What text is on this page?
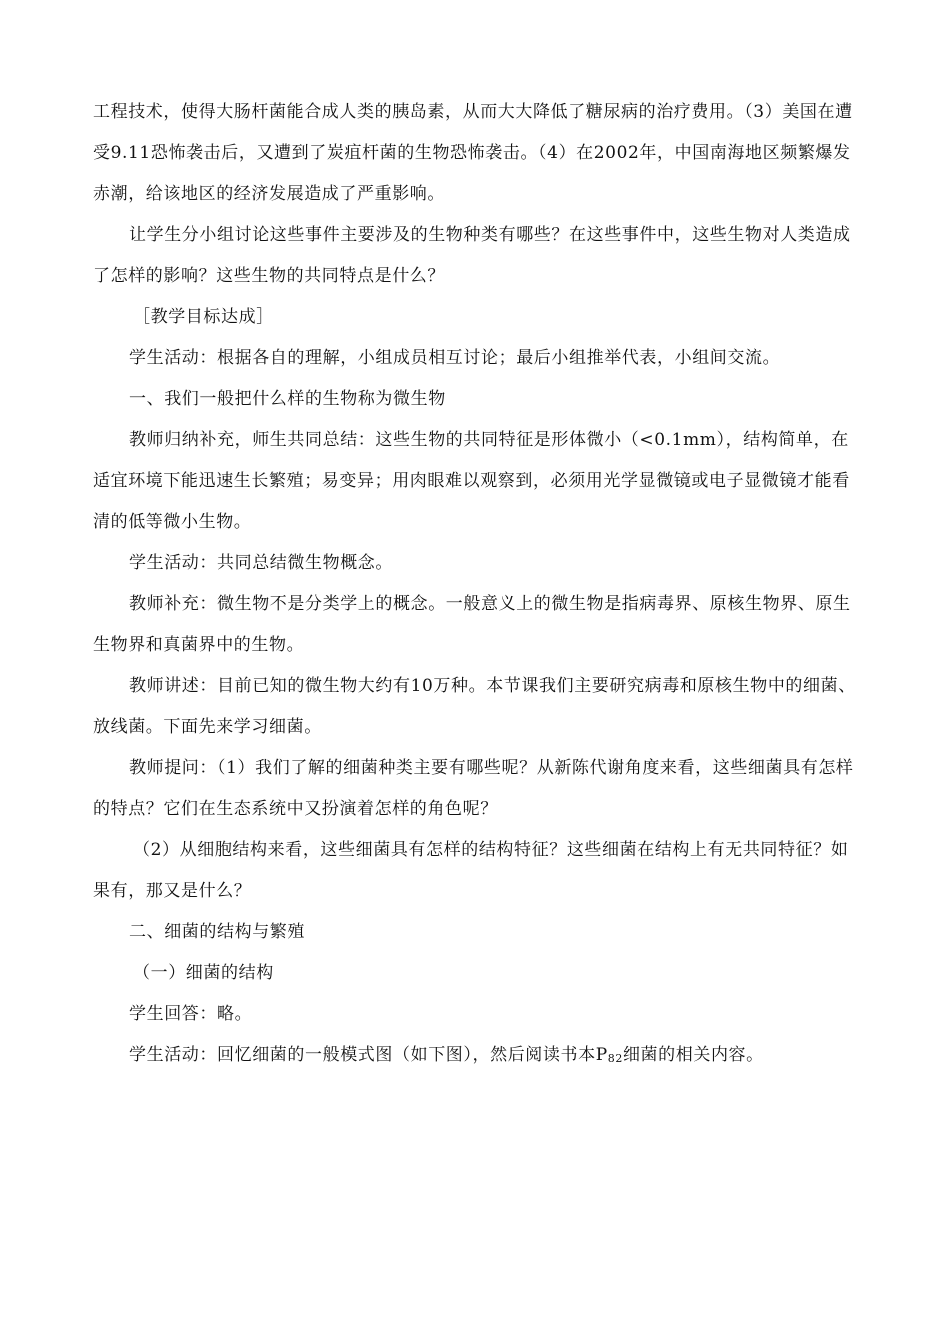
工程技术，使得大肠杆菌能合成人类的胰岛素，从而大大降低了糖尿病的治疗费用。（3）美国在遭受9.11恐怖袭击后，又遭到了炭疽杆菌的生物恐怖袭击。（4）在2002年，中国南海地区频繁爆发赤潮，给该地区的经济发展造成了严重影响。

让学生分小组讨论这些事件主要涉及的生物种类有哪些？在这些事件中，这些生物对人类造成了怎样的影响？这些生物的共同特点是什么？

［教学目标达成］

学生活动：根据各自的理解，小组成员相互讨论；最后小组推举代表，小组间交流。

一、我们一般把什么样的生物称为微生物

教师归纳补充，师生共同总结：这些生物的共同特征是形体微小（<0.1mm），结构简单，在适宜环境下能迅速生长繁殖；易变异；用肉眼难以观察到，必须用光学显微镜或电子显微镜才能看清的低等微小生物。

学生活动：共同总结微生物概念。

教师补充：微生物不是分类学上的概念。一般意义上的微生物是指病毒界、原核生物界、原生生物界和真菌界中的生物。

教师讲述：目前已知的微生物大约有10万种。本节课我们主要研究病毒和原核生物中的细菌、放线菌。下面先来学习细菌。

教师提问：（1）我们了解的细菌种类主要有哪些呢？从新陈代谢角度来看，这些细菌具有怎样的特点？它们在生态系统中又扮演着怎样的角色呢？

（2）从细胞结构来看，这些细菌具有怎样的结构特征？这些细菌在结构上有无共同特征？如果有，那又是什么？

二、细菌的结构与繁殖

（一）细菌的结构

学生回答：略。

学生活动：回忆细菌的一般模式图（如下图），然后阅读书本P82细菌的相关内容。
